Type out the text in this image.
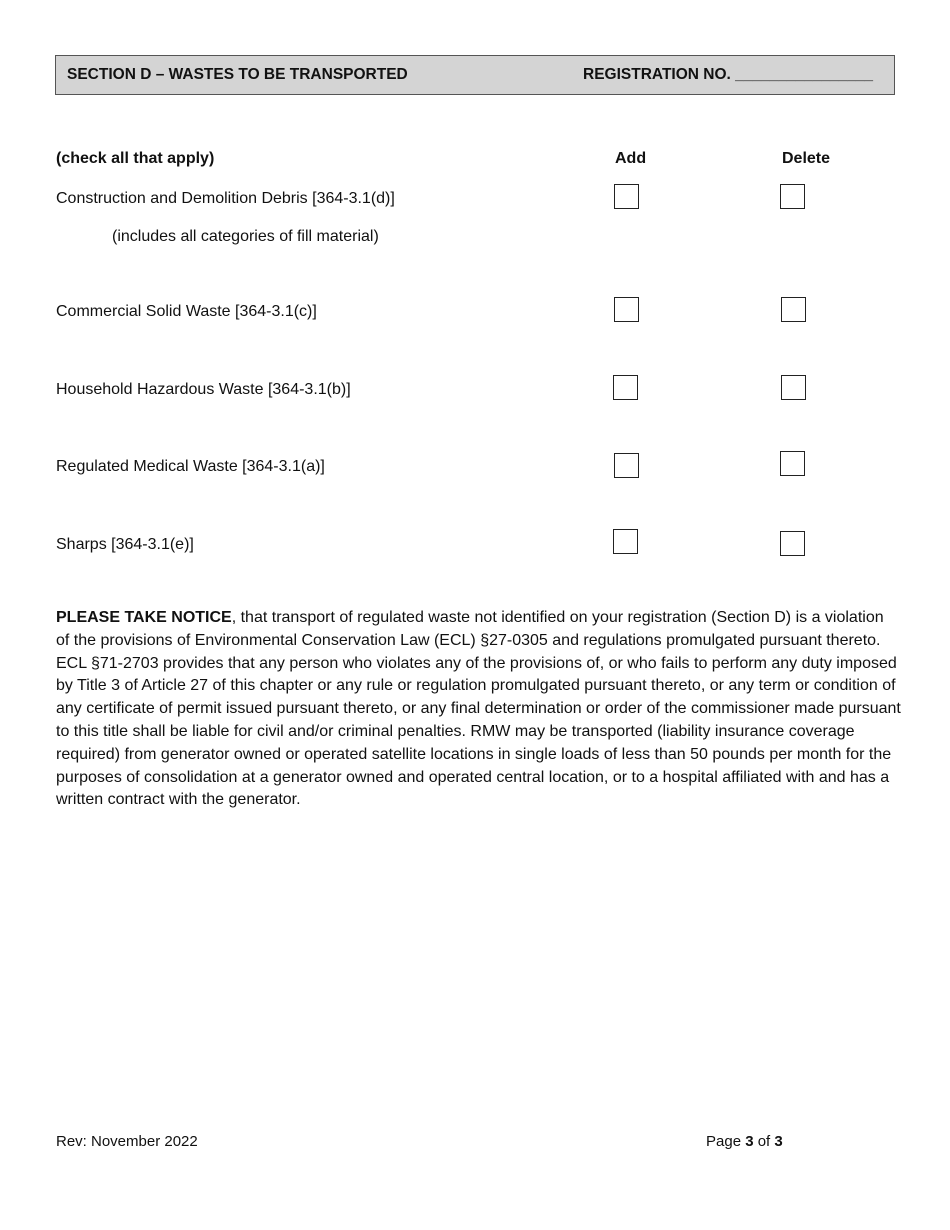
SECTION D – WASTES TO BE TRANSPORTED	REGISTRATION NO. ________________
(check all that apply)	Add	Delete
Construction and Demolition Debris [364-3.1(d)]
(includes all categories of fill material)
Commercial Solid Waste [364-3.1(c)]
Household Hazardous Waste [364-3.1(b)]
Regulated Medical Waste [364-3.1(a)]
Sharps [364-3.1(e)]
PLEASE TAKE NOTICE, that transport of regulated waste not identified on your registration (Section D) is a violation of the provisions of Environmental Conservation Law (ECL) §27-0305 and regulations promulgated pursuant thereto. ECL §71-2703 provides that any person who violates any of the provisions of, or who fails to perform any duty imposed by Title 3 of Article 27 of this chapter or any rule or regulation promulgated pursuant thereto, or any term or condition of any certificate of permit issued pursuant thereto, or any final determination or order of the commissioner made pursuant to this title shall be liable for civil and/or criminal penalties. RMW may be transported (liability insurance coverage required) from generator owned or operated satellite locations in single loads of less than 50 pounds per month for the purposes of consolidation at a generator owned and operated central location, or to a hospital affiliated with and has a written contract with the generator.
Rev: November 2022	Page 3 of 3
